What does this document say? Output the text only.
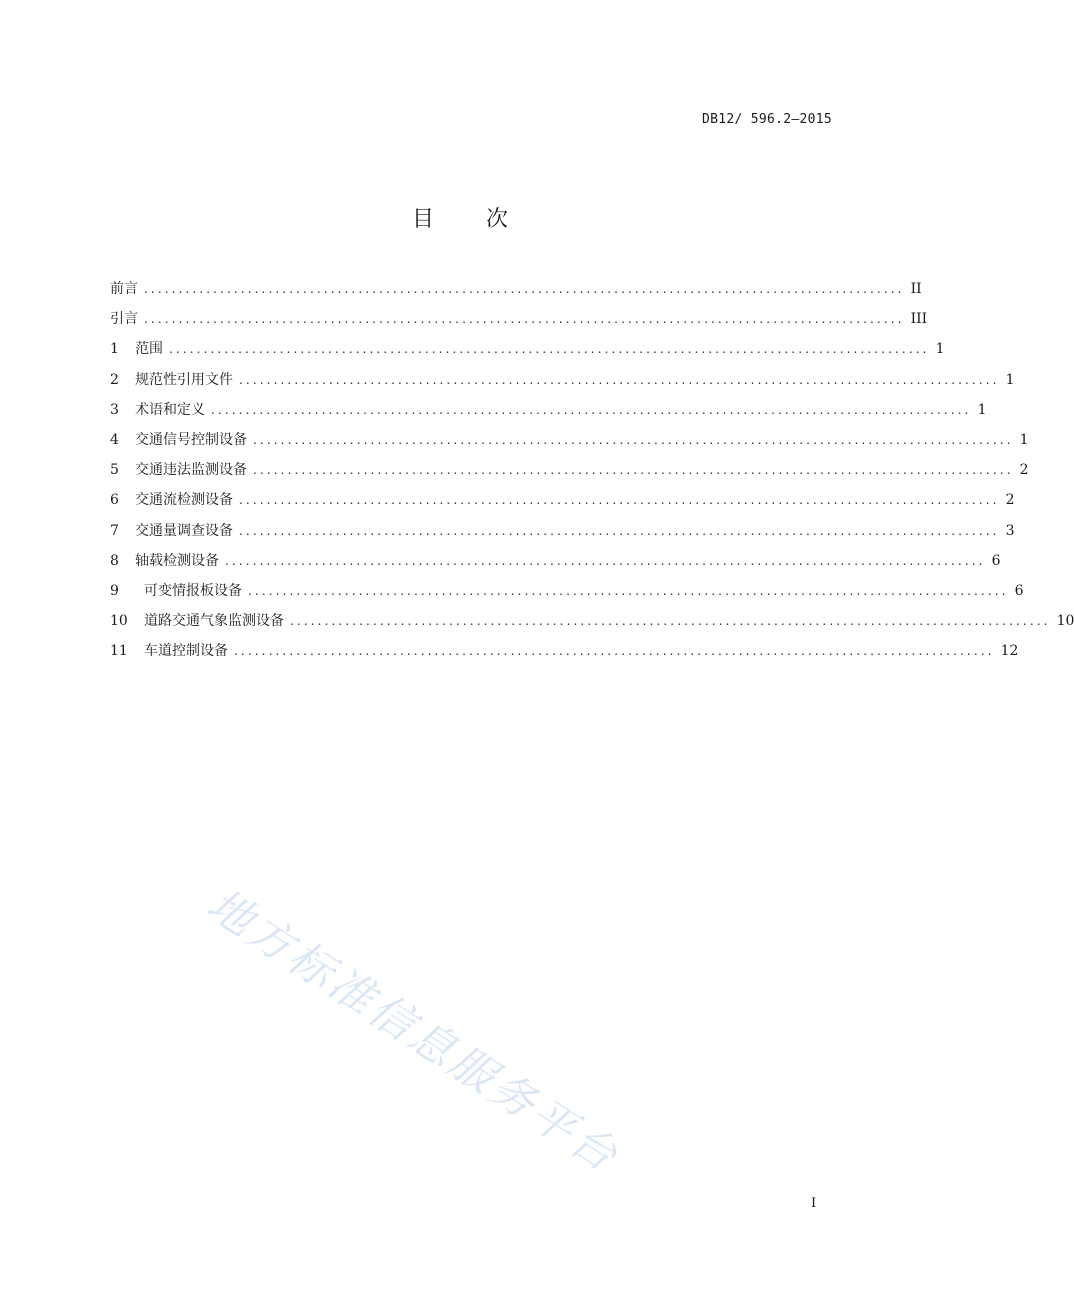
DB12/ 596.2—2015
目 次
前言 .............................................................................................................. II
引言 .............................................................................................................. III
1	范围 .............................................................................................................. 1
2	规范性引用文件 .............................................................................................................. 1
3	术语和定义 .............................................................................................................. 1
4	交通信号控制设备 .............................................................................................................. 1
5	交通违法监测设备 .............................................................................................................. 2
6	交通流检测设备 .............................................................................................................. 2
7	交通量调查设备 .............................................................................................................. 3
8	轴载检测设备 .............................................................................................................. 6
9	可变情报板设备 .............................................................................................................. 6
10	道路交通气象监测设备 .............................................................................................................. 10
11	车道控制设备 .............................................................................................................. 12
地方标准信息服务平台
I
